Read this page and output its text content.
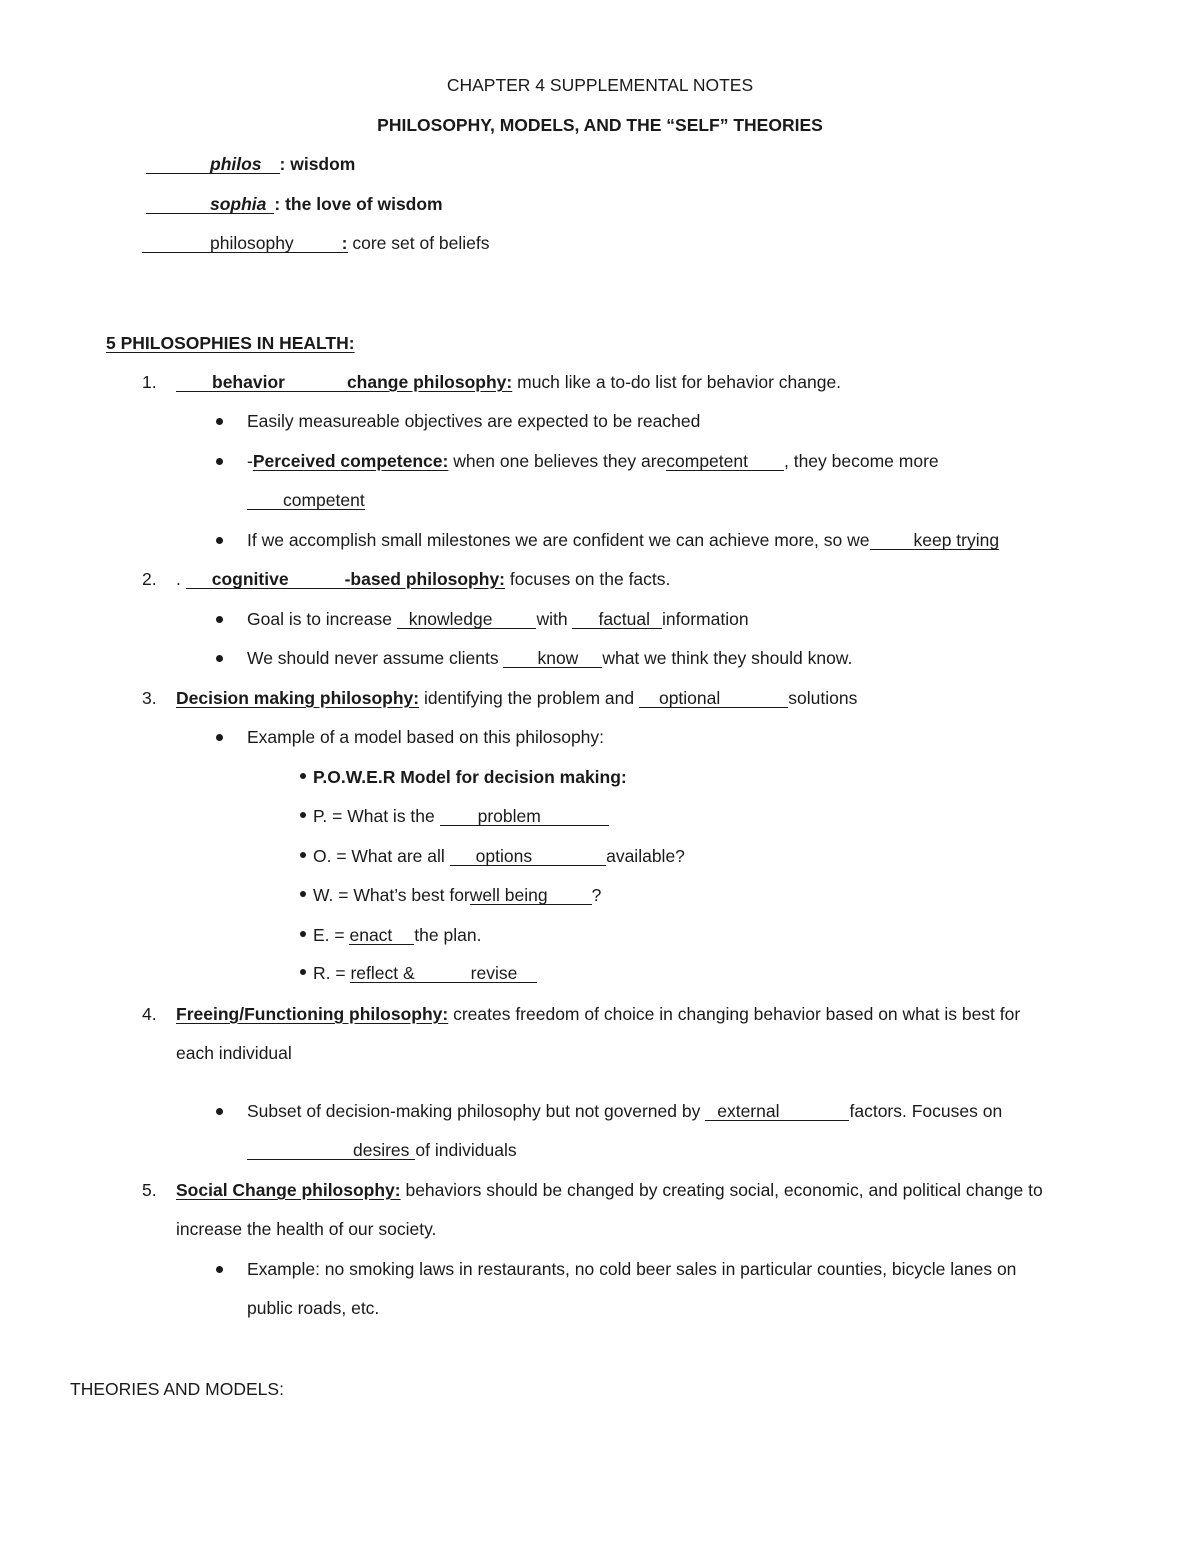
CHAPTER 4 SUPPLEMENTAL NOTES
PHILOSOPHY, MODELS, AND THE “SELF” THEORIES
philos : wisdom
sophia : the love of wisdom
philosophy	: core set of beliefs
5 PHILOSOPHIES IN HEALTH:
1.	behavior	change philosophy: much like a to-do list for behavior change.
Easily measureable objectives are expected to be reached
-Perceived competence: when one believes they arecompetent , they become more
competent
If we accomplish small milestones we are confident we can achieve more, so we	keep trying
2. . cognitive	-based philosophy: focuses on the facts.
Goal is to increase knowledge	with factual information
We should never assume clients know what we think they should know.
3. Decision making philosophy: identifying the problem and optional	solutions
Example of a model based on this philosophy:
P.O.W.E.R Model for decision making:
P. = What is the problem
O. = What are all options	available?
W. = What’s best forwell being	?
E. = enact the plan.
R. = reflect &	revise
4. Freeing/Functioning philosophy: creates freedom of choice in changing behavior based on what is best for
each individual
Subset of decision-making philosophy but not governed by external	factors. Focuses on
desires of individuals
5. Social Change philosophy: behaviors should be changed by creating social, economic, and political change to
increase the health of our society.
Example: no smoking laws in restaurants, no cold beer sales in particular counties, bicycle lanes on
public roads, etc.
THEORIES AND MODELS:
